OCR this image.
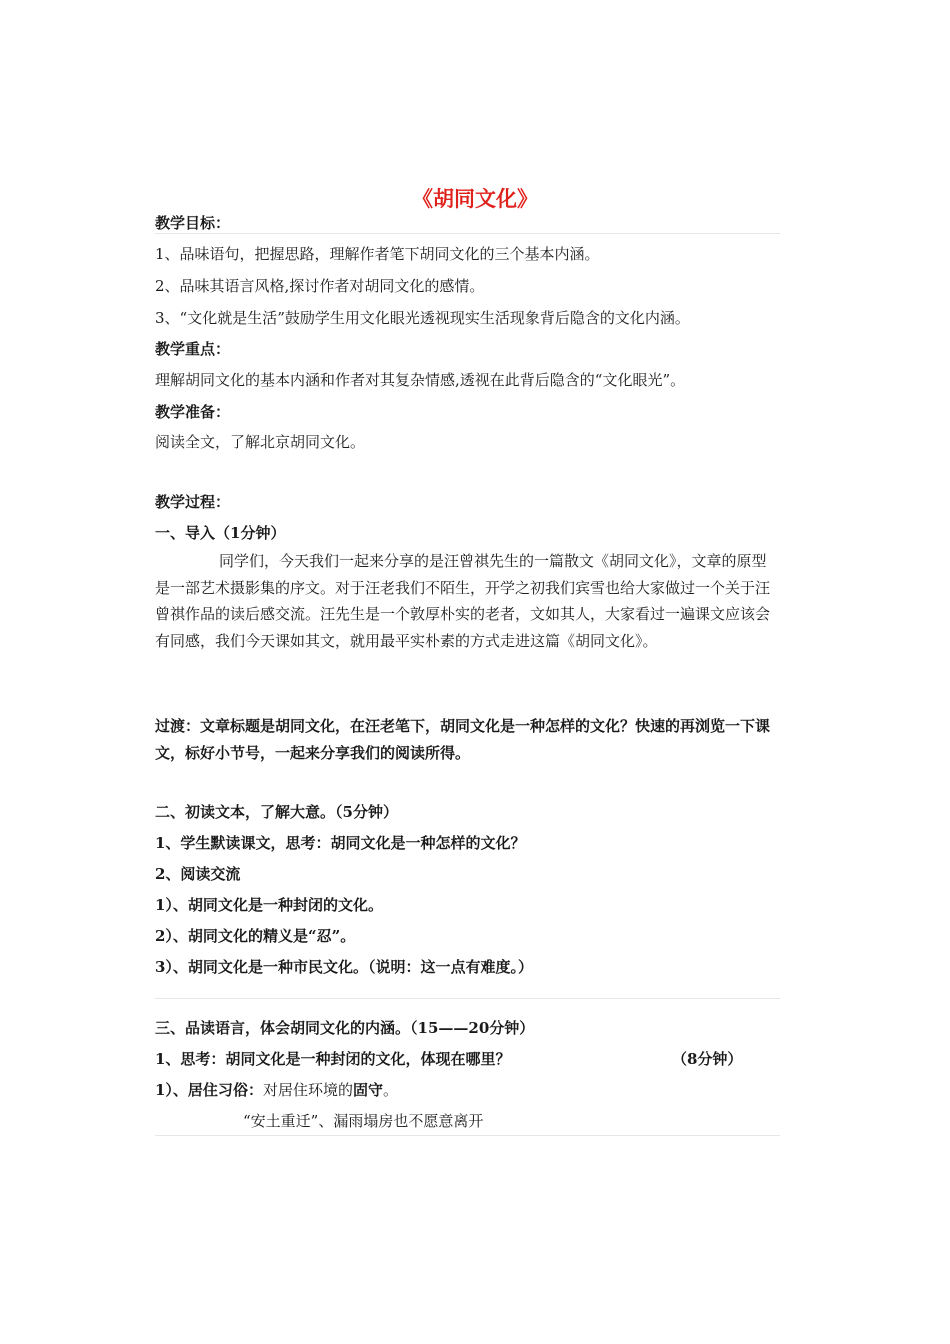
《胡同文化》
教学目标：
1、品味语句，把握思路，理解作者笔下胡同文化的三个基本内涵。
2、品味其语言风格,探讨作者对胡同文化的感情。
3、“文化就是生活”鼓励学生用文化眼光透视现实生活现象背后隐含的文化内涵。
教学重点：
理解胡同文化的基本内涵和作者对其复杂情感,透视在此背后隐含的“文化眼光”。
教学准备：
阅读全文，了解北京胡同文化。
教学过程：
一、导入（1分钟）
同学们，今天我们一起来分享的是汪曾祺先生的一篇散文《胡同文化》，文章的原型是一部艺术摄影集的序文。对于汪老我们不陌生，开学之初我们宾雪也给大家做过一个关于汪曾祺作品的读后感交流。汪先生是一个敦厚朴实的老者，文如其人，大家看过一遍课文应该会有同感，我们今天课如其文，就用最平实朴素的方式走进这篇《胡同文化》。
过渡：文章标题是胡同文化，在汪老笔下，胡同文化是一种怎样的文化？快速的再浏览一下课文，标好小节号，一起来分享我们的阅读所得。
二、初读文本，了解大意。（5分钟）
1、学生默读课文，思考：胡同文化是一种怎样的文化？
2、阅读交流
1）、胡同文化是一种封闭的文化。
2）、胡同文化的精义是“忍”。
3）、胡同文化是一种市民文化。（说明：这一点有难度。）
三、品读语言，体会胡同文化的内涵。（15——20分钟）
1、思考：胡同文化是一种封闭的文化，体现在哪里？	（8分钟）
1）、居住习俗：对居住环境的固守。
“安土重迁”、漏雨塌房也不愿意离开
